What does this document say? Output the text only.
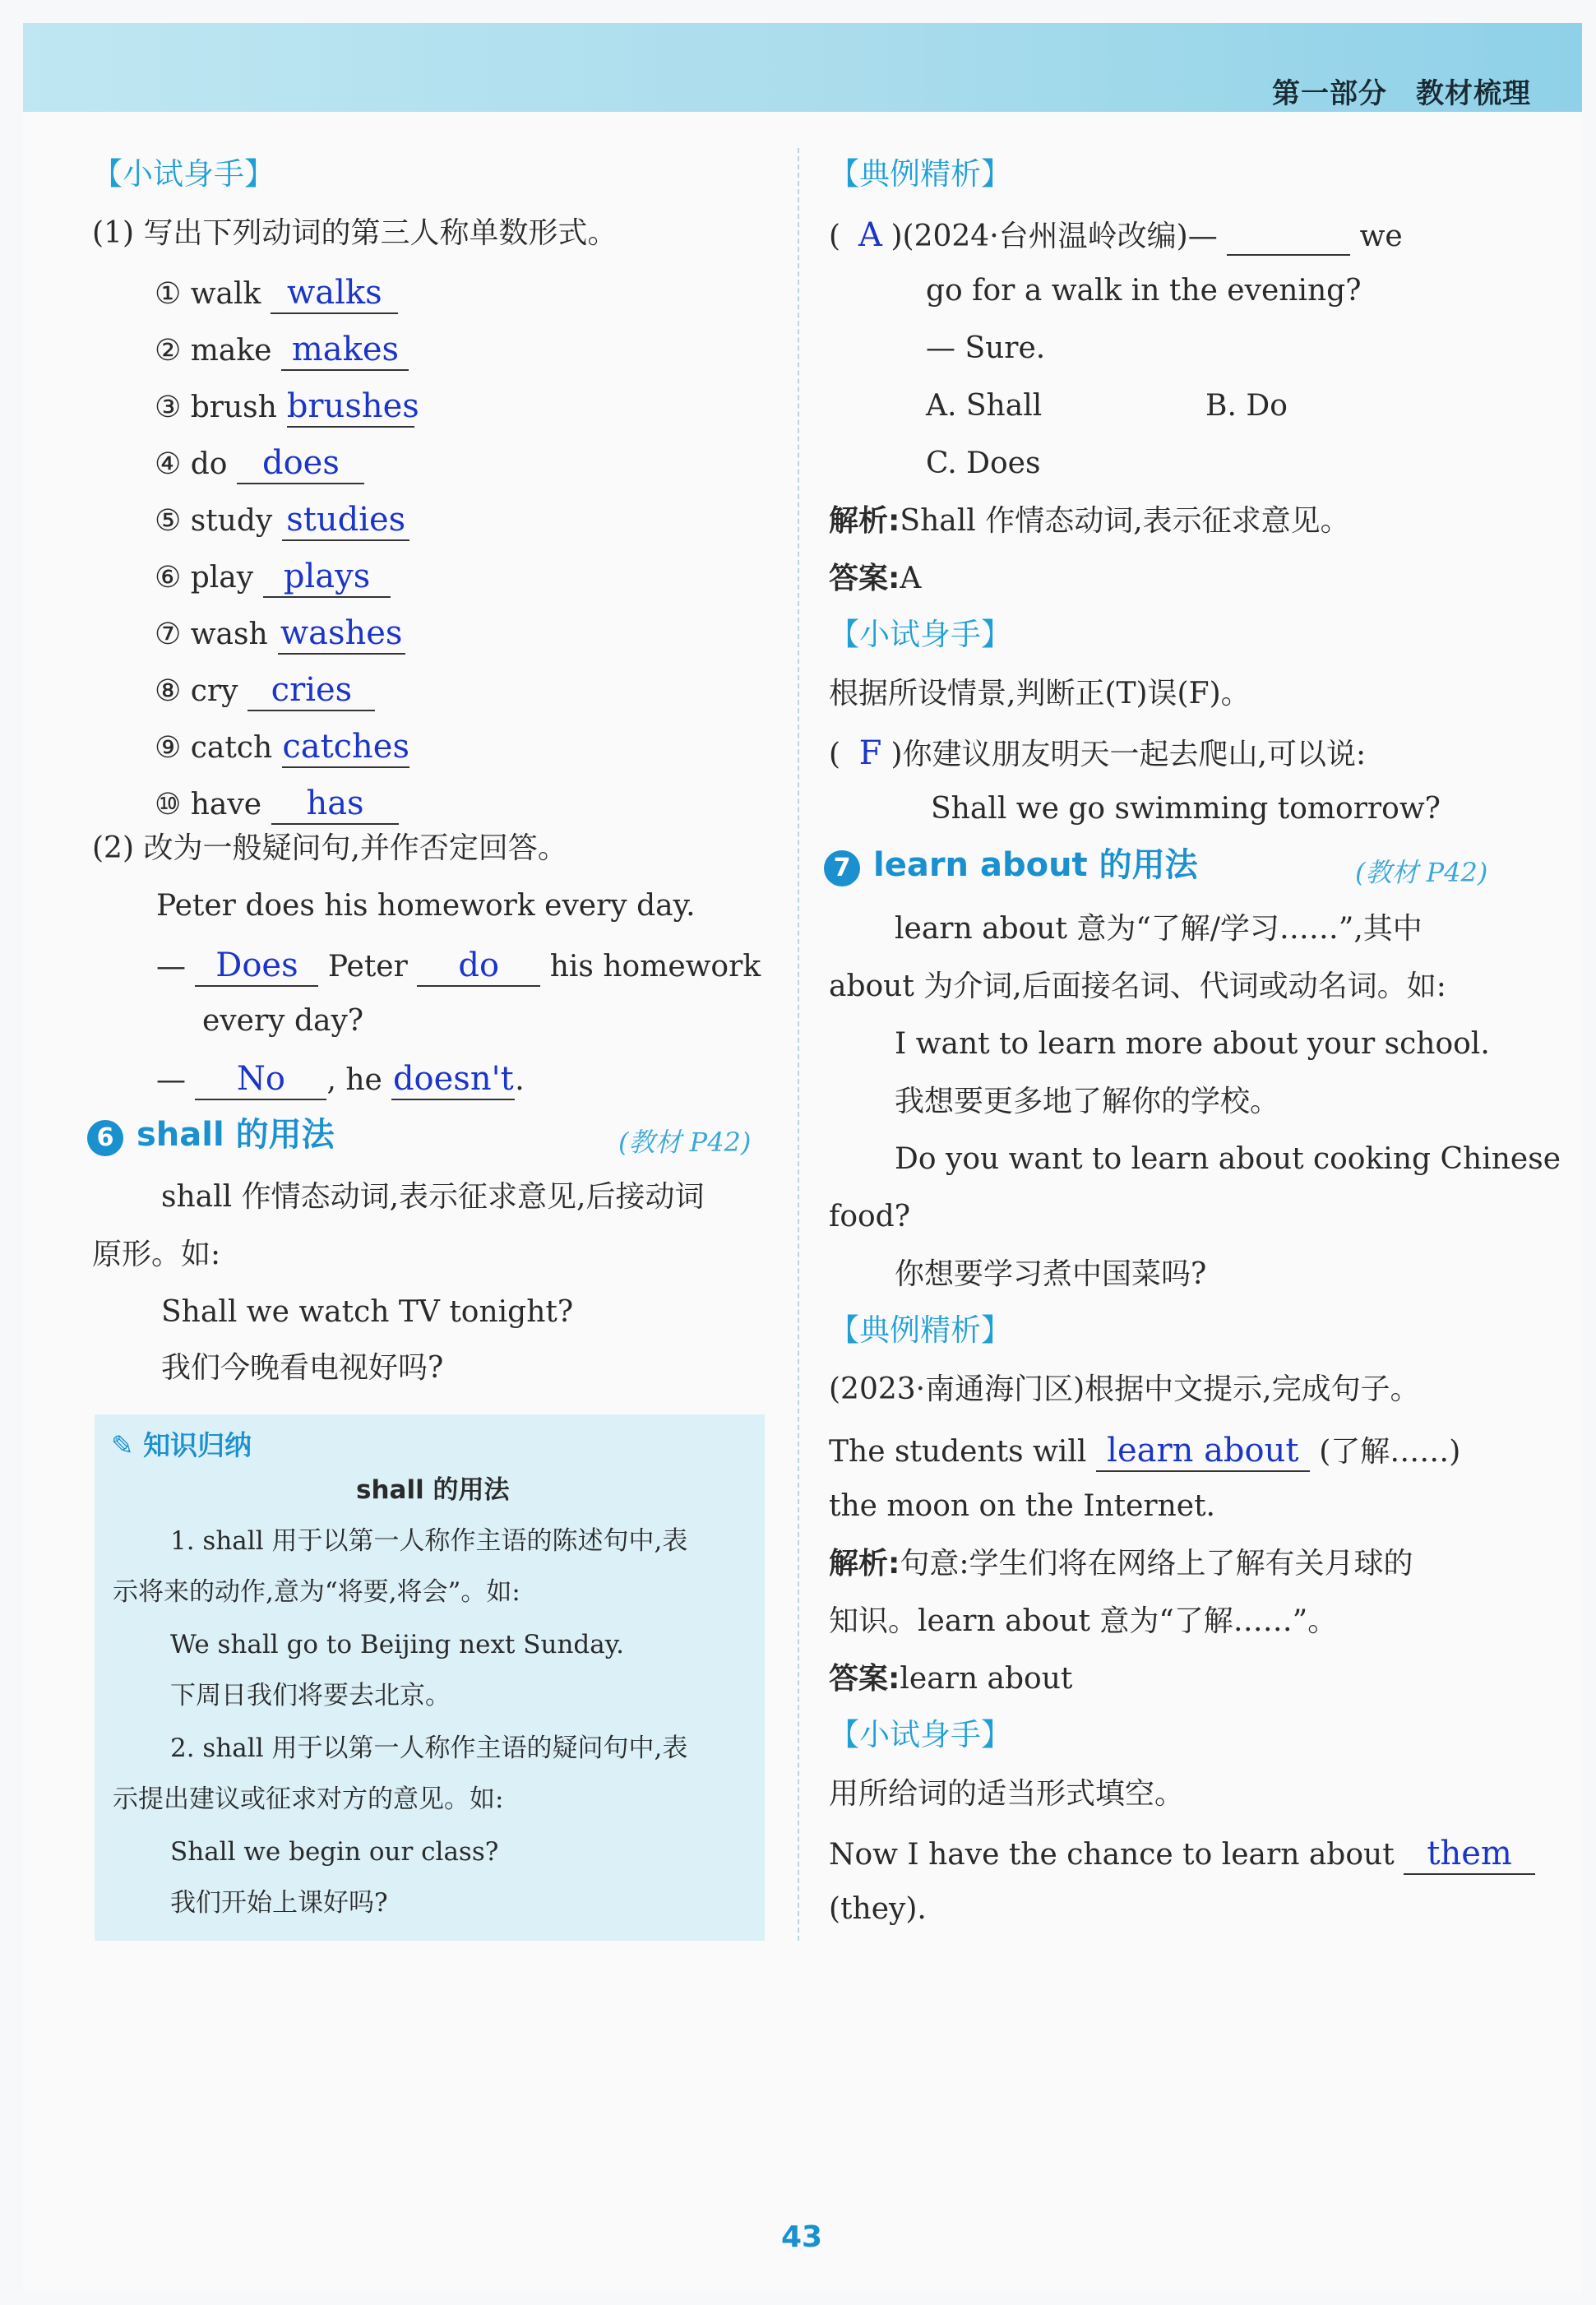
第一部分　教材梳理
【小试身手】
(1) 写出下列动词的第三人称单数形式。
① walk walks
② make makes
③ brush brushes
④ do does
⑤ study studies
⑥ play plays
⑦ wash washes
⑧ cry cries
⑨ catch catches
⑩ have has
(2) 改为一般疑问句,并作否定回答。
Peter does his homework every day.
— Does Peter do his homework
every day?
— No , he doesn't.
6 shall 的用法	(教材 P42)
shall 作情态动词,表示征求意见,后接动词
原形。如:
Shall we watch TV tonight?
我们今晚看电视好吗?
✎ 知识归纳
shall 的用法
1. shall 用于以第一人称作主语的陈述句中,表
示将来的动作,意为“将要,将会”。如:
We shall go to Beijing next Sunday.
下周日我们将要去北京。
2. shall 用于以第一人称作主语的疑问句中,表
示提出建议或征求对方的意见。如:
Shall we begin our class?
我们开始上课好吗?
【典例精析】
( A )(2024·台州温岭改编)—	we
go for a walk in the evening?
— Sure.
A. Shall	B. Do
C. Does
解析:Shall 作情态动词,表示征求意见。
答案:A
【小试身手】
根据所设情景,判断正(T)误(F)。
( F )你建议朋友明天一起去爬山,可以说:
Shall we go swimming tomorrow?
7 learn about 的用法	(教材 P42)
learn about 意为“了解/学习……”,其中
about 为介词,后面接名词、代词或动名词。如:
I want to learn more about your school.
我想要更多地了解你的学校。
Do you want to learn about cooking Chinese
food?
你想要学习煮中国菜吗?
【典例精析】
(2023·南通海门区)根据中文提示,完成句子。
The students will learn about (了解……)
the moon on the Internet.
解析:句意:学生们将在网络上了解有关月球的
知识。learn about 意为“了解……”。
答案:learn about
【小试身手】
用所给词的适当形式填空。
Now I have the chance to learn about them
(they).
43
